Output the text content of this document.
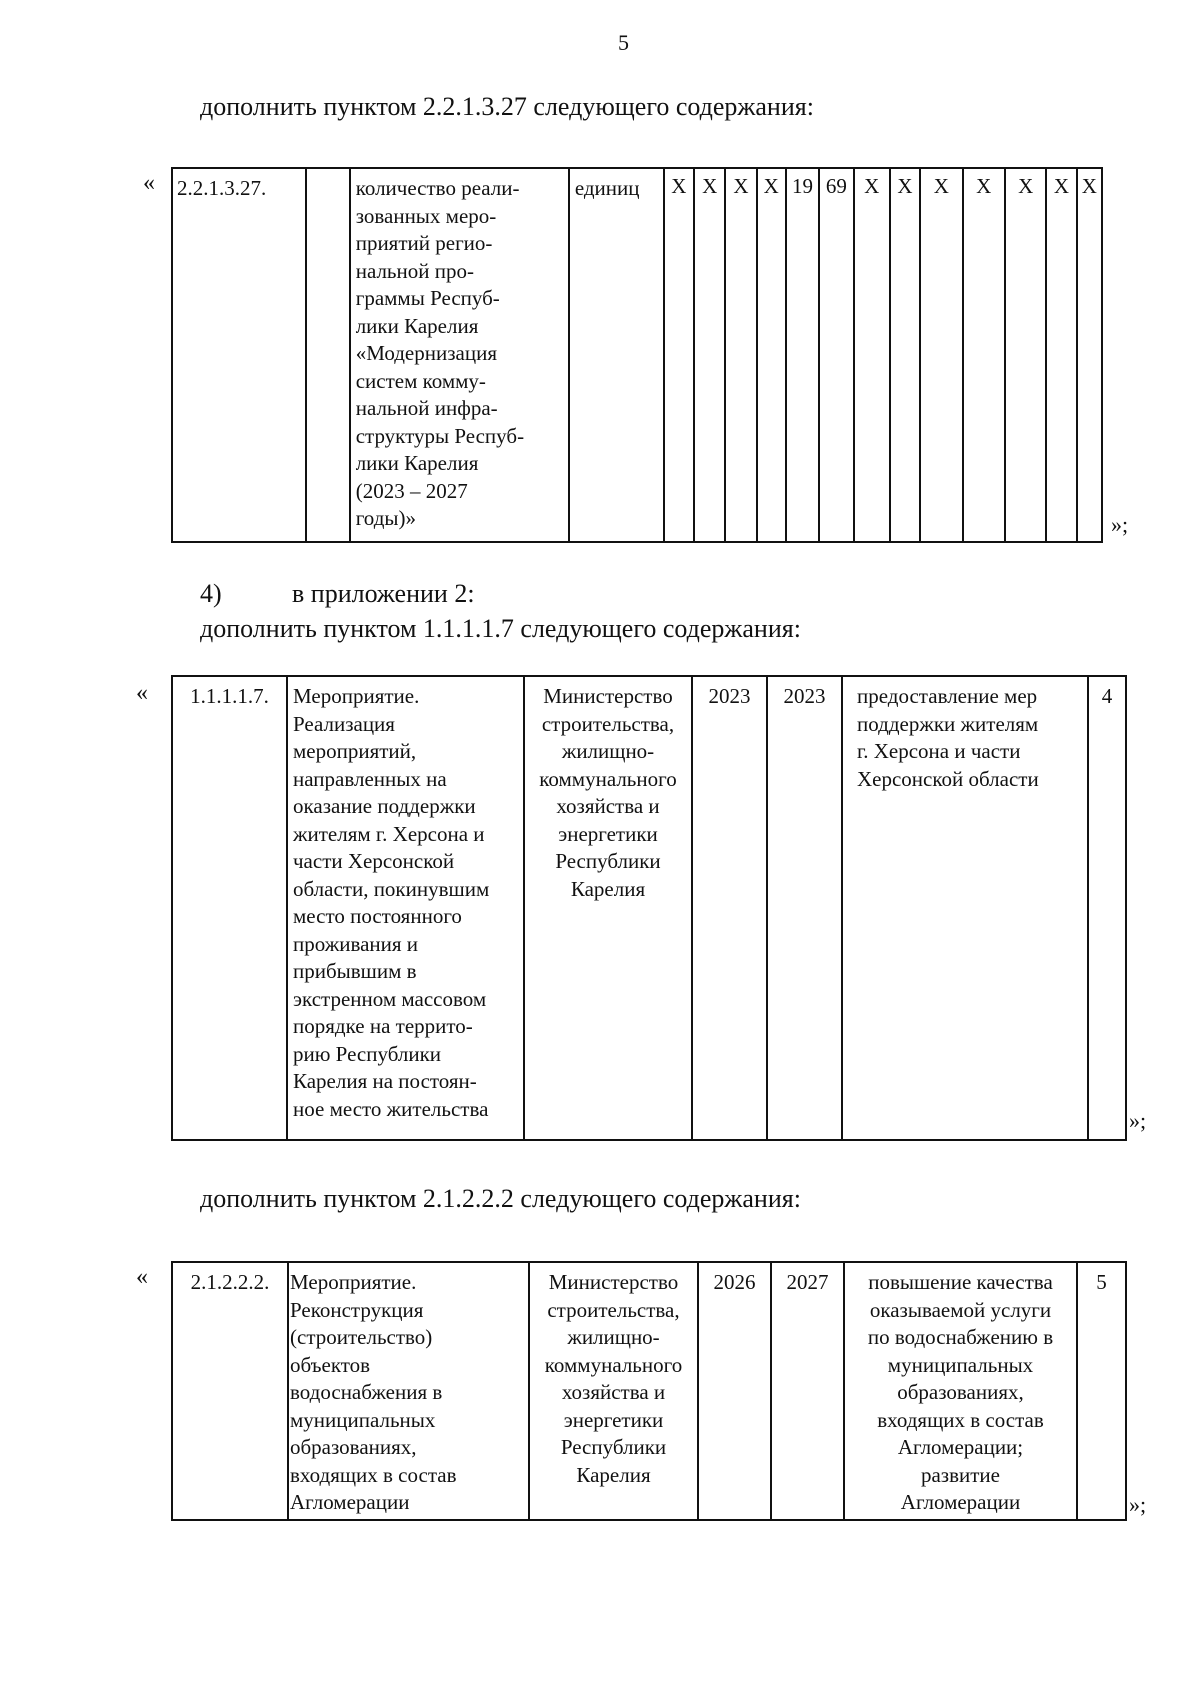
5
дополнить пунктом 2.2.1.3.27 следующего содержания:
« 2.2.1.3.27.		количество реали-
зованных меро-
приятий регио-
нальной про-
граммы Респуб-
лики Карелия
«Модернизация
систем комму-
нальной инфра-
структуры Респуб-
лики Карелия
(2023 – 2027
годы)»	единиц	Х	Х	Х	Х	19	69	Х	Х	Х	Х	Х	Х	Х
»;
4)	в приложении 2:
дополнить пунктом 1.1.1.1.7 следующего содержания:
« 1.1.1.1.7.	Мероприятие.
Реализация
мероприятий,
направленных на
оказание поддержки
жителям г. Херсона и
части Херсонской
области, покинувшим
место постоянного
проживания и
прибывшим в
экстренном массовом
порядке на террито-
рию Республики
Карелия на постоян-
ное место жительства	Министерство
строительства,
жилищно-
коммунального
хозяйства и
энергетики
Республики
Карелия	2023	2023	предоставление мер
поддержки жителям
г. Херсона и части
Херсонской области	4
»;
дополнить пунктом 2.1.2.2.2 следующего содержания:
« 2.1.2.2.2.	Мероприятие.
Реконструкция
(строительство)
объектов
водоснабжения в
муниципальных
образованиях,
входящих в состав
Агломерации	Министерство
строительства,
жилищно-
коммунального
хозяйства и
энергетики
Республики
Карелия	2026	2027	повышение качества
оказываемой услуги
по водоснабжению в
муниципальных
образованиях,
входящих в состав
Агломерации;
развитие
Агломерации	5
»;
